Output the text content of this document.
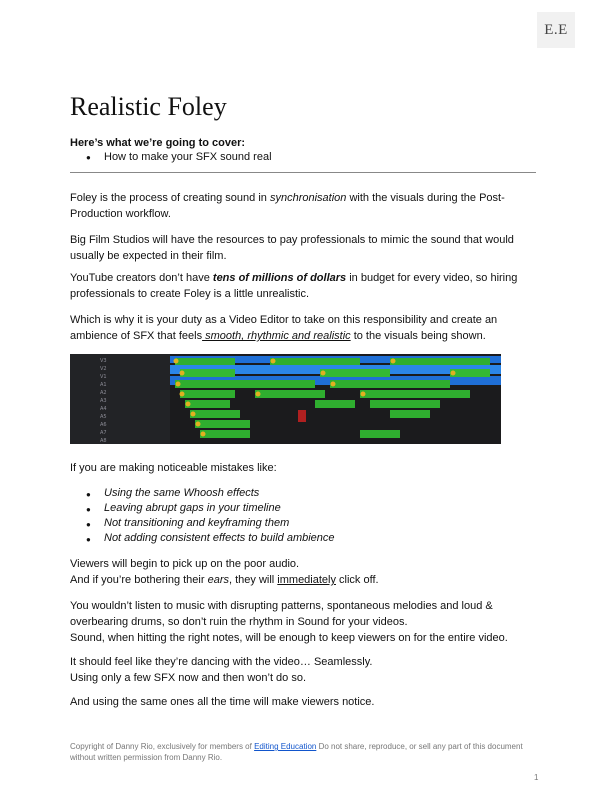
E.E
Realistic Foley
Here’s what we’re going to cover:
● How to make your SFX sound real

Foley is the process of creating sound in synchronisation with the visuals during the Post-Production workflow.

Big Film Studios will have the resources to pay professionals to mimic the sound that would usually be expected in their film.

YouTube creators don’t have tens of millions of dollars in budget for every video, so hiring professionals to create Foley is a little unrealistic.

Which is why it is your duty as a Video Editor to take on this responsibility and create an ambience of SFX that feels smooth, rhythmic and realistic to the visuals being shown.

V3
V2
V1
A1
A2
A3
A4
A5
A6
A7
A8

If you are making noticeable mistakes like:

● Using the same Whoosh effects
● Leaving abrupt gaps in your timeline
● Not transitioning and keyframing them
● Not adding consistent effects to build ambience

Viewers will begin to pick up on the poor audio.
And if you’re bothering their ears, they will immediately click off.

You wouldn’t listen to music with disrupting patterns, spontaneous melodies and loud & overbearing drums, so don’t ruin the rhythm in Sound for your videos.
Sound, when hitting the right notes, will be enough to keep viewers on for the entire video.

It should feel like they’re dancing with the video… Seamlessly.
Using only a few SFX now and then won’t do so.

And using the same ones all the time will make viewers notice.

Copyright of Danny Rio, exclusively for members of Editing Education Do not share, reproduce, or sell any part of this document without written permission from Danny Rio.
1
